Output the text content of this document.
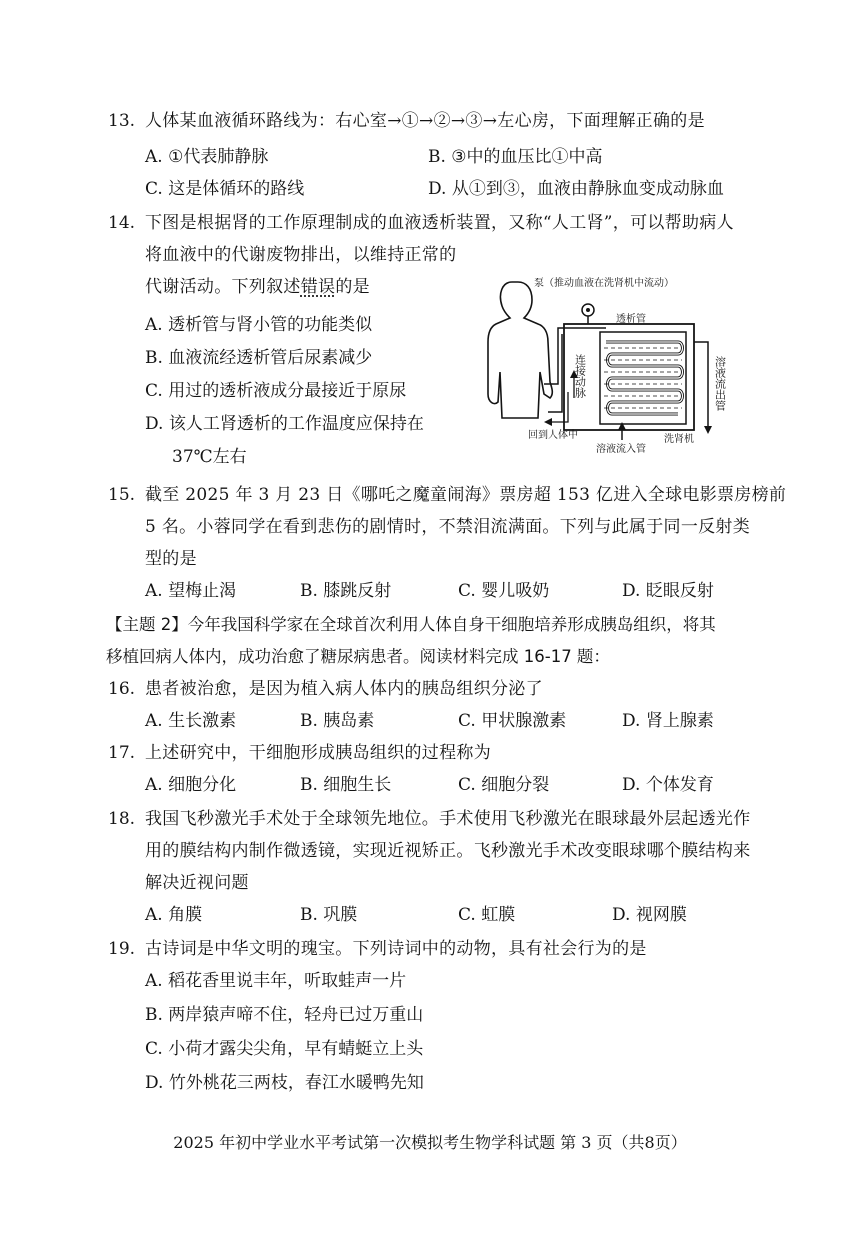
13. 人体某血液循环路线为：右心室→①→②→③→左心房，下面理解正确的是
A. ①代表肺静脉	B. ③中的血压比①中高
C. 这是体循环的路线	D. 从①到③，血液由静脉血变成动脉血
14. 下图是根据肾的工作原理制成的血液透析装置，又称“人工肾”，可以帮助病人
将血液中的代谢废物排出，以维持正常的
代谢活动。下列叙述错误的是
A. 透析管与肾小管的功能类似
B. 血液流经透析管后尿素减少
C. 用过的透析液成分最接近于原尿
D. 该人工肾透析的工作温度应保持在
37℃左右
泵（推动血液在洗肾机中流动）
透析管
连接动脉	溶液流出管
回到人体中
溶液流入管
洗肾机
15. 截至 2025 年 3 月 23 日《哪吒之魔童闹海》票房超 153 亿进入全球电影票房榜前
5 名。小蓉同学在看到悲伤的剧情时，不禁泪流满面。下列与此属于同一反射类
型的是
A. 望梅止渴	B. 膝跳反射	C. 婴儿吸奶	D. 眨眼反射
【主题 2】今年我国科学家在全球首次利用人体自身干细胞培养形成胰岛组织，将其
移植回病人体内，成功治愈了糖尿病患者。阅读材料完成 16-17 题：
16. 患者被治愈，是因为植入病人体内的胰岛组织分泌了
A. 生长激素	B. 胰岛素	C. 甲状腺激素	D. 肾上腺素
17. 上述研究中，干细胞形成胰岛组织的过程称为
A. 细胞分化	B. 细胞生长	C. 细胞分裂	D. 个体发育
18. 我国飞秒激光手术处于全球领先地位。手术使用飞秒激光在眼球最外层起透光作
用的膜结构内制作微透镜，实现近视矫正。飞秒激光手术改变眼球哪个膜结构来
解决近视问题
A. 角膜	B. 巩膜	C. 虹膜	D. 视网膜
19. 古诗词是中华文明的瑰宝。下列诗词中的动物，具有社会行为的是
A. 稻花香里说丰年，听取蛙声一片
B. 两岸猿声啼不住，轻舟已过万重山
C. 小荷才露尖尖角，早有蜻蜓立上头
D. 竹外桃花三两枝，春江水暖鸭先知
2025 年初中学业水平考试第一次模拟考生物学科试题 第 3 页（共8页）
